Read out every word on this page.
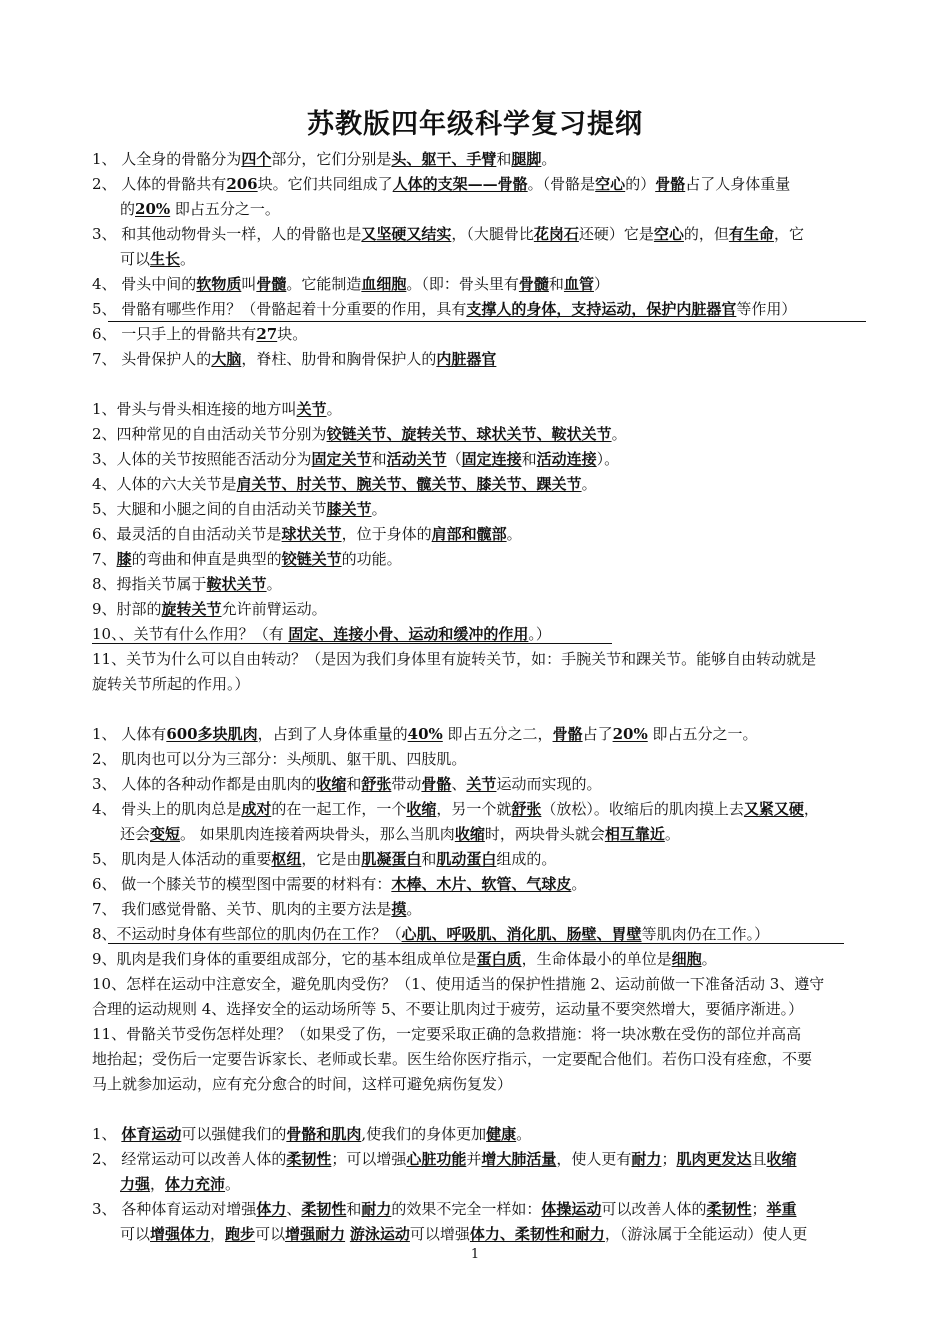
苏教版四年级科学复习提纲
1、 人全身的骨骼分为四个部分，它们分别是头、躯干、手臂和腿脚。
2、 人体的骨骼共有206块。它们共同组成了人体的支架——骨骼。（骨骼是空心的）骨骼占了人身体重量
的20% 即占五分之一。
3、 和其他动物骨头一样，人的骨骼也是又坚硬又结实，（大腿骨比花岗石还硬）它是空心的，但有生命，它
可以生长。
4、 骨头中间的软物质叫骨髓。它能制造血细胞。（即：骨头里有骨髓和血管）
5、 骨骼有哪些作用？（骨骼起着十分重要的作用，具有支撑人的身体，支持运动，保护内脏器官等作用）
6、 一只手上的骨骼共有27块。
7、 头骨保护人的大脑，脊柱、肋骨和胸骨保护人的内脏器官
1、骨头与骨头相连接的地方叫关节。
2、四种常见的自由活动关节分别为铰链关节、旋转关节、球状关节、鞍状关节。
3、人体的关节按照能否活动分为固定关节和活动关节（固定连接和活动连接）。
4、人体的六大关节是肩关节、肘关节、腕关节、髋关节、膝关节、踝关节。
5、大腿和小腿之间的自由活动关节膝关节。
6、最灵活的自由活动关节是球状关节，位于身体的肩部和髋部。
7、膝的弯曲和伸直是典型的铰链关节的功能。
8、拇指关节属于鞍状关节。
9、肘部的旋转关节允许前臂运动。
10、、关节有什么作用？（有 固定、连接小骨、运动和缓冲的作用。）
11、关节为什么可以自由转动？（是因为我们身体里有旋转关节，如：手腕关节和踝关节。能够自由转动就是
旋转关节所起的作用。）
1、 人体有600多块肌肉，占到了人身体重量的40% 即占五分之二，骨骼占了20% 即占五分之一。
2、 肌肉也可以分为三部分：头颅肌、躯干肌、四肢肌。
3、 人体的各种动作都是由肌肉的收缩和舒张带动骨骼、关节运动而实现的。
4、 骨头上的肌肉总是成对的在一起工作，一个收缩，另一个就舒张（放松）。收缩后的肌肉摸上去又紧又硬，
还会变短。 如果肌肉连接着两块骨头，那么当肌肉收缩时，两块骨头就会相互靠近。
5、 肌肉是人体活动的重要枢纽，它是由肌凝蛋白和肌动蛋白组成的。
6、 做一个膝关节的模型图中需要的材料有：木棒、木片、软管、气球皮。
7、 我们感觉骨骼、关节、肌肉的主要方法是摸。
8、不运动时身体有些部位的肌肉仍在工作？（心肌、呼吸肌、消化肌、肠壁、胃壁等肌肉仍在工作。）
9、肌肉是我们身体的重要组成部分，它的基本组成单位是蛋白质，生命体最小的单位是细胞。
10、怎样在运动中注意安全，避免肌肉受伤？（1、使用适当的保护性措施 2、运动前做一下准备活动 3、遵守
合理的运动规则 4、选择安全的运动场所等 5、不要让肌肉过于疲劳，运动量不要突然增大，要循序渐进。）
11、骨骼关节受伤怎样处理？（如果受了伤，一定要采取正确的急救措施：将一块冰敷在受伤的部位并高高
地抬起；受伤后一定要告诉家长、老师或长辈。医生给你医疗指示，一定要配合他们。若伤口没有痊愈，不要
马上就参加运动，应有充分愈合的时间，这样可避免病伤复发）
1、 体育运动可以强健我们的骨骼和肌肉,使我们的身体更加健康。
2、 经常运动可以改善人体的柔韧性；可以增强心脏功能并增大肺活量，使人更有耐力；肌肉更发达且收缩
力强，体力充沛。
3、 各种体育运动对增强体力、柔韧性和耐力的效果不完全一样如：体操运动可以改善人体的柔韧性；举重
可以增强体力，跑步可以增强耐力 游泳运动可以增强体力、柔韧性和耐力，（游泳属于全能运动）使人更
1
